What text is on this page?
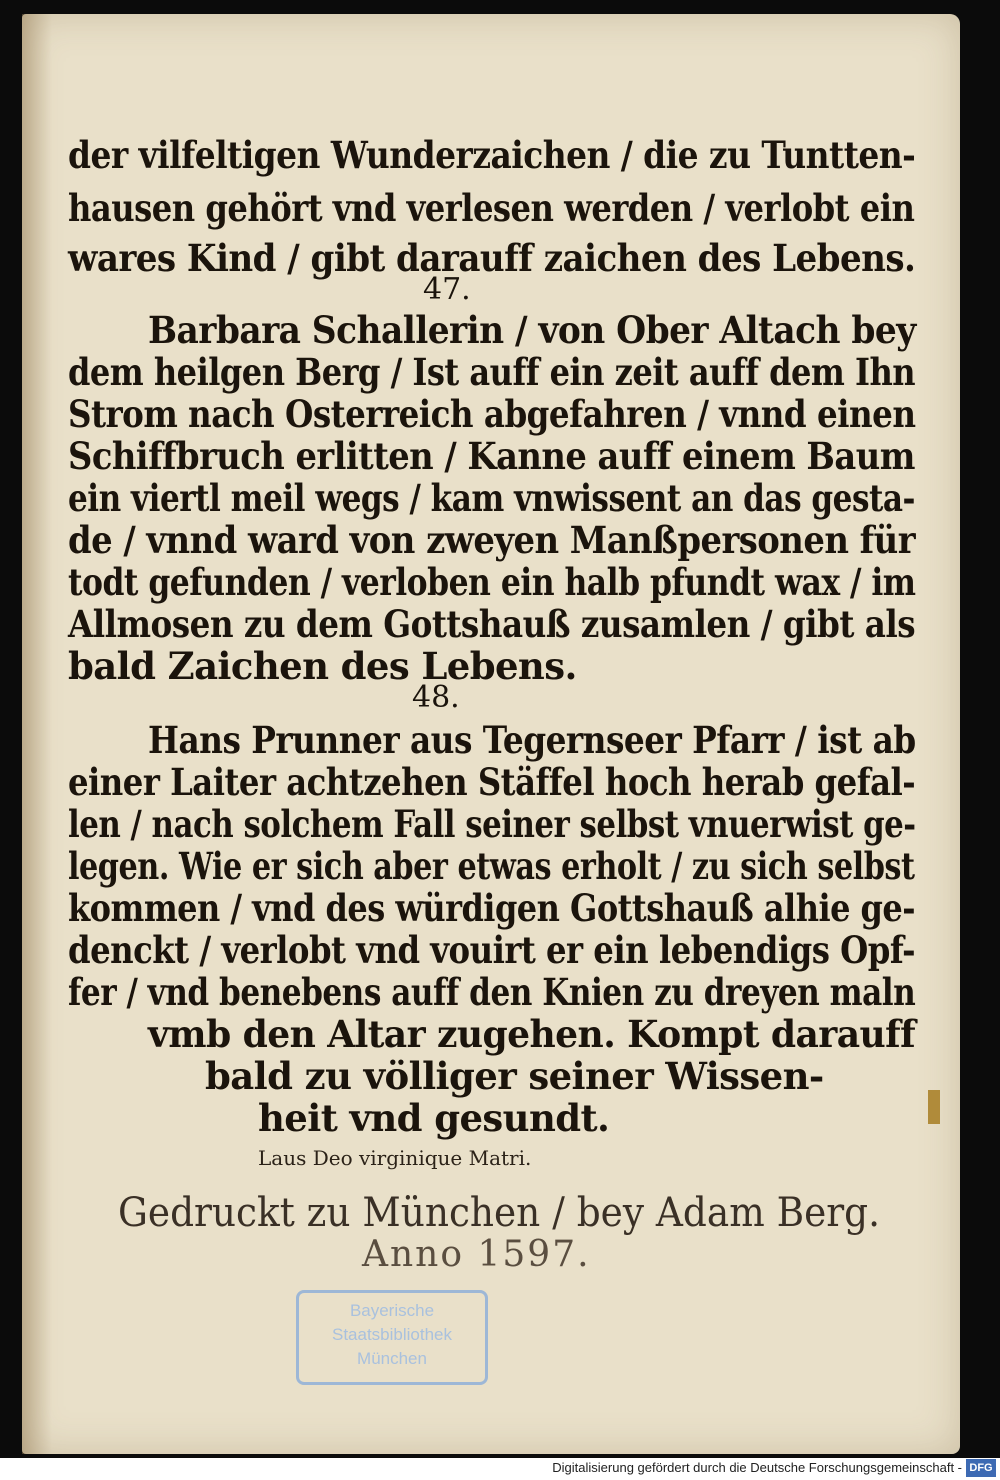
der vilfeltigen Wunderzaichen / die zu Tuntten-
hausen gehört vnd verlesen werden / verlobt ein
wares Kind / gibt darauff zaichen des Lebens.
47.
Barbara Schallerin / von Ober Altach bey
dem heilgen Berg / Ist auff ein zeit auff dem Ihn
Strom nach Osterreich abgefahren / vnnd einen
Schiffbruch erlitten / Kanne auff einem Baum
ein viertl meil wegs / kam vnwissent an das gesta-
de / vnnd ward von zweyen Manßpersonen für
todt gefunden / verloben ein halb pfundt wax / im
Allmosen zu dem Gottshauß zusamlen / gibt als
bald Zaichen des Lebens.
48.
Hans Prunner aus Tegernseer Pfarr / ist ab
einer Laiter achtzehen Stäffel hoch herab gefal-
len / nach solchem Fall seiner selbst vnuerwist ge-
legen. Wie er sich aber etwas erholt / zu sich selbst
kommen / vnd des würdigen Gottshauß alhie ge-
denckt / verlobt vnd vouirt er ein lebendigs Opf-
fer / vnd benebens auff den Knien zu dreyen maln
vmb den Altar zugehen. Kompt darauff
bald zu völliger seiner Wissen-
heit vnd gesundt.
Laus Deo virginique Matri.
Gedruckt zu München / bey Adam Berg.
Anno 1597.
Bayerische
Staatsbibliothek
München
Digitalisierung gefördert durch die Deutsche Forschungsgemeinschaft - DFG
